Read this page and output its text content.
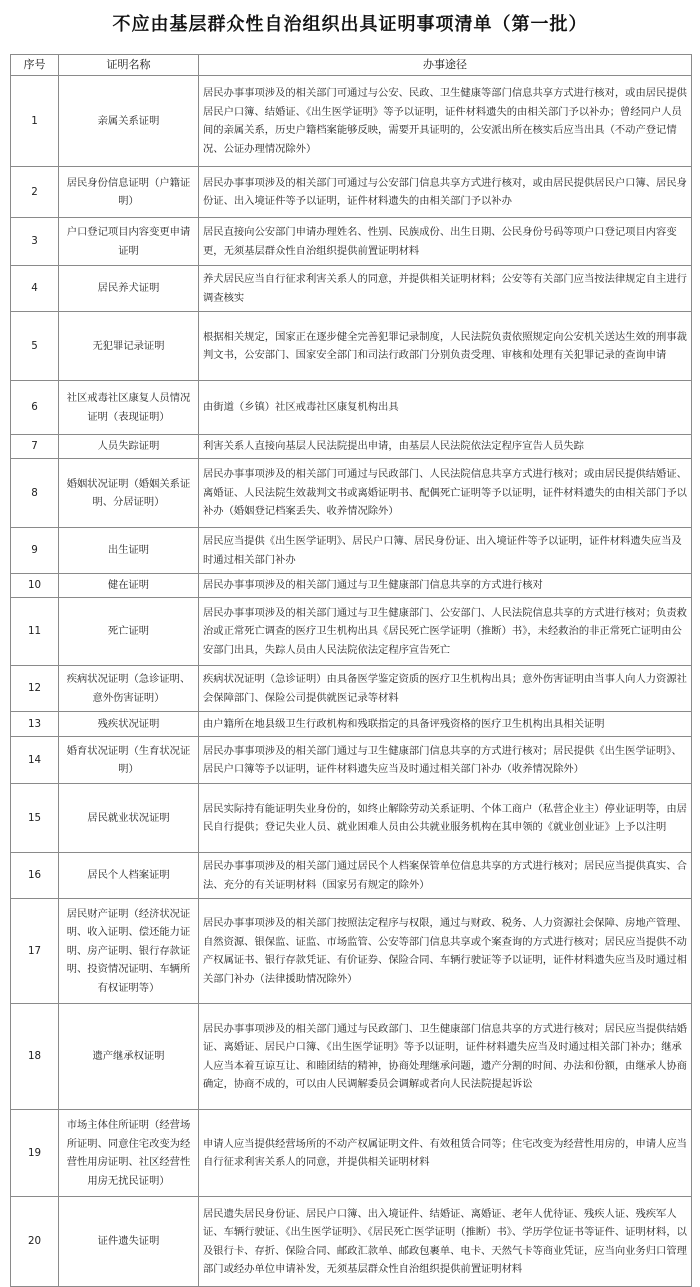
不应由基层群众性自治组织出具证明事项清单（第一批）
序号	证明名称	办事途径
1	亲属关系证明	居民办事事项涉及的相关部门可通过与公安、民政、卫生健康等部门信息共享方式进行核对，或由居民提供居民户口簿、结婚证、《出生医学证明》等予以证明，证件材料遗失的由相关部门予以补办；曾经同户人员间的亲属关系，历史户籍档案能够反映，需要开具证明的，公安派出所在核实后应当出具（不动产登记情况、公证办理情况除外）
2	居民身份信息证明（户籍证明）	居民办事事项涉及的相关部门可通过与公安部门信息共享方式进行核对，或由居民提供居民户口簿、居民身份证、出入境证件等予以证明，证件材料遗失的由相关部门予以补办
3	户口登记项目内容变更申请证明	居民直接向公安部门申请办理姓名、性别、民族成份、出生日期、公民身份号码等项户口登记项目内容变更，无须基层群众性自治组织提供前置证明材料
4	居民养犬证明	养犬居民应当自行征求利害关系人的同意，并提供相关证明材料；公安等有关部门应当按法律规定自主进行调查核实
5	无犯罪记录证明	根据相关规定，国家正在逐步健全完善犯罪记录制度，人民法院负责依照规定向公安机关送达生效的刑事裁判文书，公安部门、国家安全部门和司法行政部门分别负责受理、审核和处理有关犯罪记录的查询申请
6	社区戒毒社区康复人员情况证明（表现证明）	由街道（乡镇）社区戒毒社区康复机构出具
7	人员失踪证明	利害关系人直接向基层人民法院提出申请，由基层人民法院依法定程序宣告人员失踪
8	婚姻状况证明（婚姻关系证明、分居证明）	居民办事事项涉及的相关部门可通过与民政部门、人民法院信息共享方式进行核对；或由居民提供结婚证、离婚证、人民法院生效裁判文书或离婚证明书、配偶死亡证明等予以证明，证件材料遗失的由相关部门予以补办（婚姻登记档案丢失、收养情况除外）
9	出生证明	居民应当提供《出生医学证明》、居民户口簿、居民身份证、出入境证件等予以证明，证件材料遗失应当及时通过相关部门补办
10	健在证明	居民办事事项涉及的相关部门通过与卫生健康部门信息共享的方式进行核对
11	死亡证明	居民办事事项涉及的相关部门通过与卫生健康部门、公安部门、人民法院信息共享的方式进行核对；负责救治或正常死亡调查的医疗卫生机构出具《居民死亡医学证明（推断）书》，未经救治的非正常死亡证明由公安部门出具，失踪人员由人民法院依法定程序宣告死亡
12	疾病状况证明（急诊证明、意外伤害证明）	疾病状况证明（急诊证明）由具备医学鉴定资质的医疗卫生机构出具；意外伤害证明由当事人向人力资源社会保障部门、保险公司提供就医记录等材料
13	残疾状况证明	由户籍所在地县级卫生行政机构和残联指定的具备评残资格的医疗卫生机构出具相关证明
14	婚育状况证明（生育状况证明）	居民办事事项涉及的相关部门通过与卫生健康部门信息共享的方式进行核对；居民提供《出生医学证明》、居民户口簿等予以证明，证件材料遗失应当及时通过相关部门补办（收养情况除外）
15	居民就业状况证明	居民实际持有能证明失业身份的，如终止解除劳动关系证明、个体工商户（私营企业主）停业证明等，由居民自行提供；登记失业人员、就业困难人员由公共就业服务机构在其申领的《就业创业证》上予以注明
16	居民个人档案证明	居民办事事项涉及的相关部门通过居民个人档案保管单位信息共享的方式进行核对；居民应当提供真实、合法、充分的有关证明材料（国家另有规定的除外）
17	居民财产证明（经济状况证明、收入证明、偿还能力证明、房产证明、银行存款证明、投资情况证明、车辆所有权证明等）	居民办事事项涉及的相关部门按照法定程序与权限，通过与财政、税务、人力资源社会保障、房地产管理、自然资源、银保监、证监、市场监管、公安等部门信息共享或个案查询的方式进行核对；居民应当提供不动产权属证书、银行存款凭证、有价证券、保险合同、车辆行驶证等予以证明，证件材料遗失应当及时通过相关部门补办（法律援助情况除外）
18	遗产继承权证明	居民办事事项涉及的相关部门通过与民政部门、卫生健康部门信息共享的方式进行核对；居民应当提供结婚证、离婚证、居民户口簿、《出生医学证明》等予以证明，证件材料遗失应当及时通过相关部门补办；继承人应当本着互谅互让、和睦团结的精神，协商处理继承问题，遗产分割的时间、办法和份额，由继承人协商确定，协商不成的，可以由人民调解委员会调解或者向人民法院提起诉讼
19	市场主体住所证明（经营场所证明、同意住宅改变为经营性用房证明、社区经营性用房无扰民证明）	申请人应当提供经营场所的不动产权属证明文件、有效租赁合同等；住宅改变为经营性用房的，申请人应当自行征求利害关系人的同意，并提供相关证明材料
20	证件遗失证明	居民遗失居民身份证、居民户口簿、出入境证件、结婚证、离婚证、老年人优待证、残疾人证、残疾军人证、车辆行驶证、《出生医学证明》、《居民死亡医学证明（推断）书》、学历学位证书等证件、证明材料，以及银行卡、存折、保险合同、邮政汇款单、邮政包裹单、电卡、天然气卡等商业凭证，应当向业务归口管理部门或经办单位申请补发，无须基层群众性自治组织提供前置证明材料
